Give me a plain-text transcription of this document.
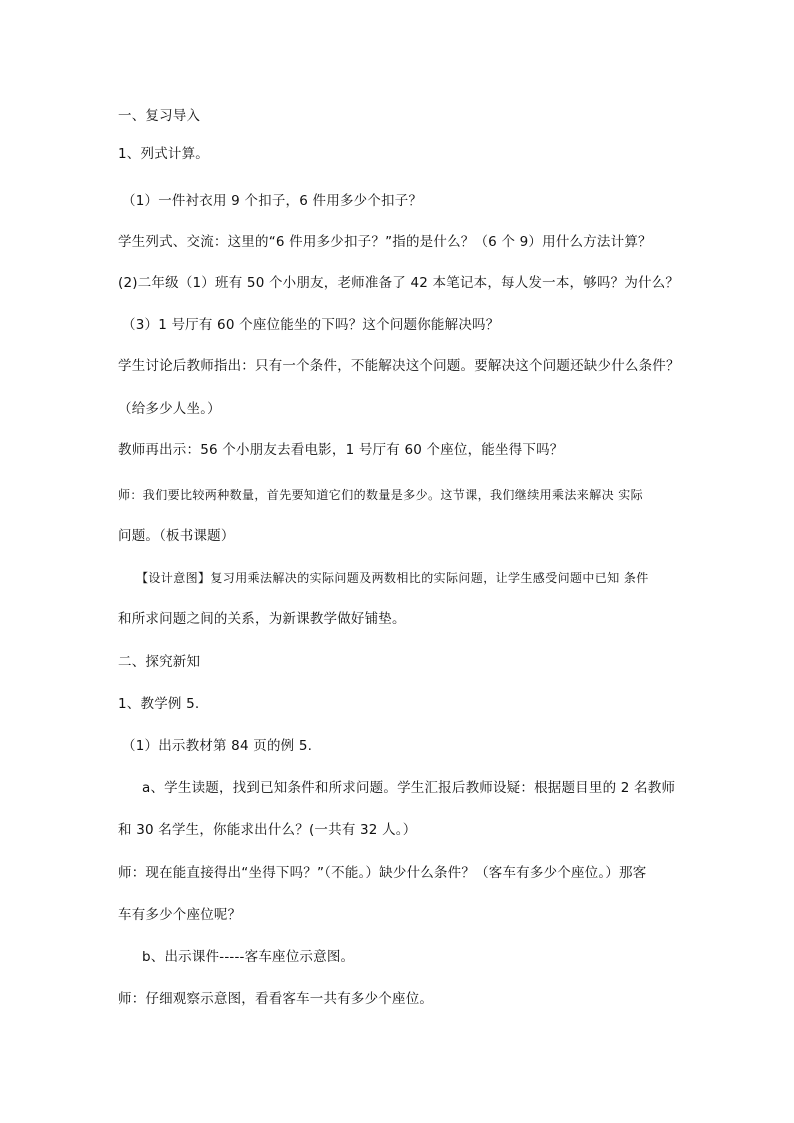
一、复习导入
1、列式计算。
（1）一件衬衣用 9 个扣子，6 件用多少个扣子？
学生列式、交流：这里的“6 件用多少扣子？”指的是什么？（6 个 9）用什么方法计算？
(2)二年级（1）班有 50 个小朋友，老师准备了 42 本笔记本，每人发一本，够吗？为什么？
（3）1 号厅有 60 个座位能坐的下吗？这个问题你能解决吗？
学生讨论后教师指出：只有一个条件，不能解决这个问题。要解决这个问题还缺少什么条件？
（给多少人坐。）
教师再出示：56 个小朋友去看电影，1 号厅有 60 个座位，能坐得下吗？
师：我们要比较两种数量，首先要知道它们的数量是多少。这节课，我们继续用乘法来解决 实际
问题。（板书课题）
【设计意图】复习用乘法解决的实际问题及两数相比的实际问题，让学生感受问题中已知 条件
和所求问题之间的关系，为新课教学做好铺垫。
二、探究新知
1、教学例 5.
（1）出示教材第 84 页的例 5.
a、学生读题，找到已知条件和所求问题。学生汇报后教师设疑：根据题目里的 2 名教师
和 30 名学生，你能求出什么？(一共有 32 人。）
师：现在能直接得出“坐得下吗？”（不能。）缺少什么条件？（客车有多少个座位。）那客
车有多少个座位呢？
b、出示课件-----客车座位示意图。
师：仔细观察示意图，看看客车一共有多少个座位。
